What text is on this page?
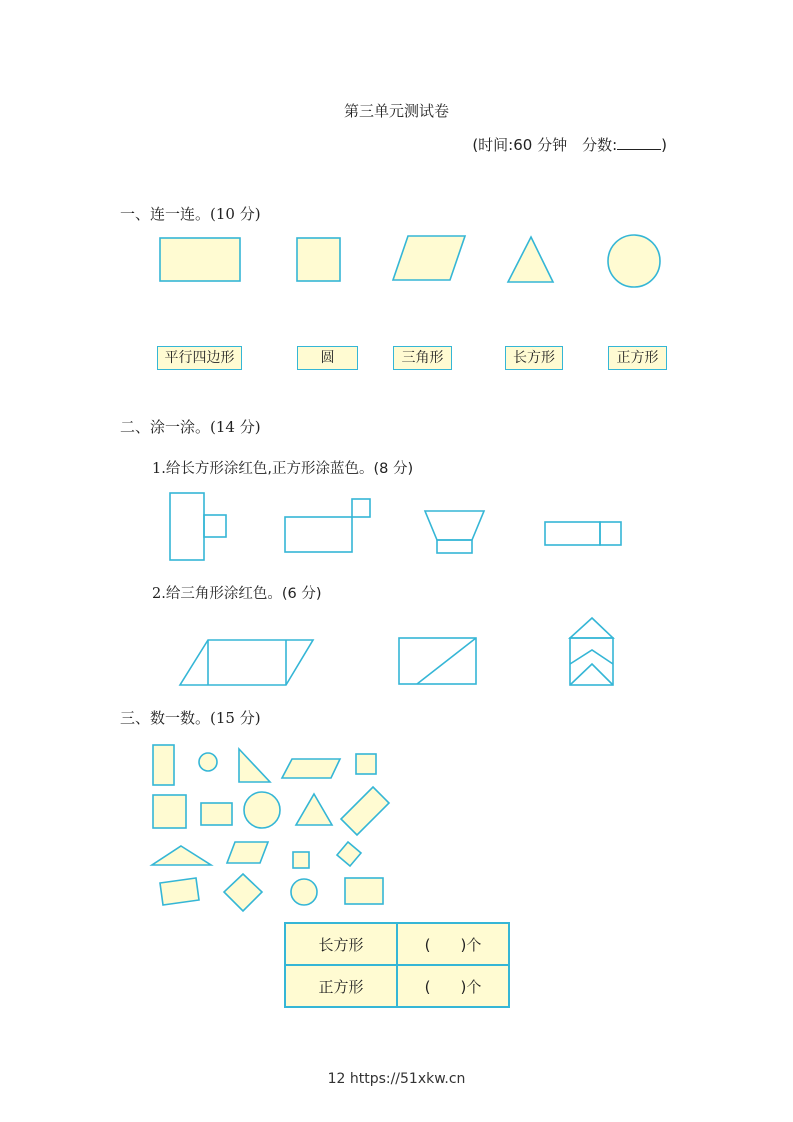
第三单元测试卷
(时间:60 分钟　分数:	)
一、连一连。(10 分)
平行四边形	圆	三角形	长方形	正方形
二、涂一涂。(14 分)
1.给长方形涂红色,正方形涂蓝色。(8 分)
2.给三角形涂红色。(6 分)
三、数一数。(15 分)
长方形	(　　)个
正方形	(　　)个
12 https://51xkw.cn
